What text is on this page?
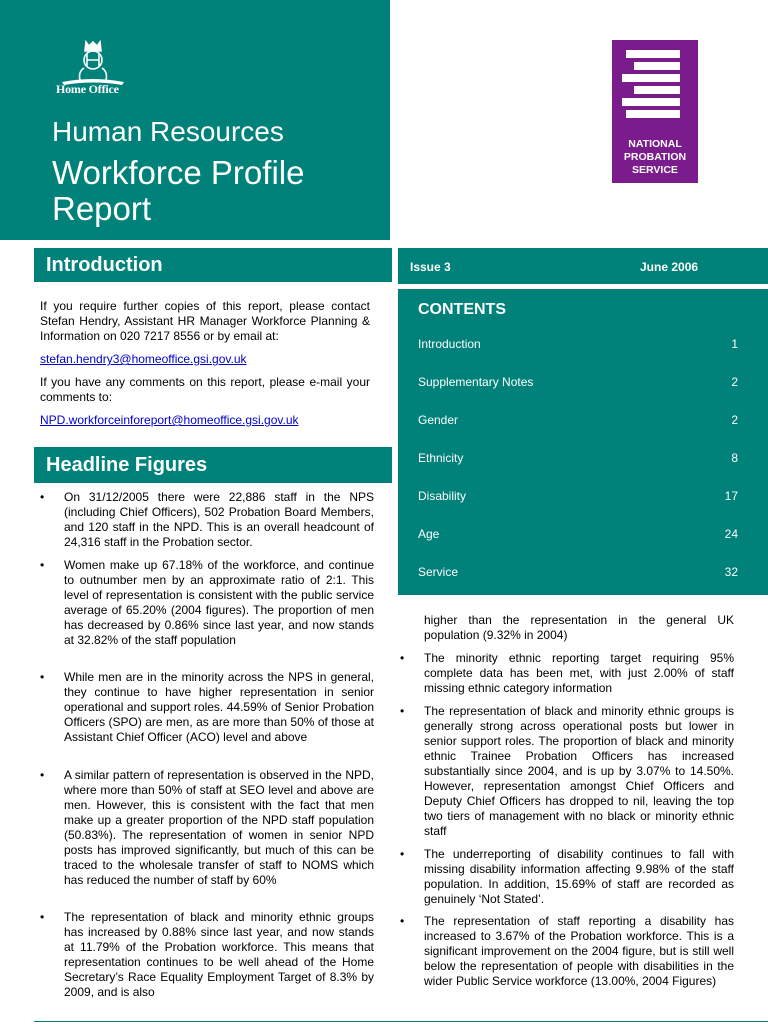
Home Office
Human Resources
Workforce Profile Report
NATIONAL PROBATION SERVICE
Introduction
If you require further copies of this report, please contact Stefan Hendry, Assistant HR Manager Workforce Planning & Information on 020 7217 8556 or by email at:
stefan.hendry3@homeoffice.gsi.gov.uk
If you have any comments on this report, please e-mail your comments to:
NPD.workforceinforeport@homeoffice.gsi.gov.uk
Headline Figures
• On 31/12/2005 there were 22,886 staff in the NPS (including Chief Officers), 502 Probation Board Members, and 120 staff in the NPD. This is an overall headcount of 24,316 staff in the Probation sector.
• Women make up 67.18% of the workforce, and continue to outnumber men by an approximate ratio of 2:1. This level of representation is consistent with the public service average of 65.20% (2004 figures). The proportion of men has decreased by 0.86% since last year, and now stands at 32.82% of the staff population
• While men are in the minority across the NPS in general, they continue to have higher representation in senior operational and support roles. 44.59% of Senior Probation Officers (SPO) are men, as are more than 50% of those at Assistant Chief Officer (ACO) level and above
• A similar pattern of representation is observed in the NPD, where more than 50% of staff at SEO level and above are men. However, this is consistent with the fact that men make up a greater proportion of the NPD staff population (50.83%). The representation of women in senior NPD posts has improved significantly, but much of this can be traced to the wholesale transfer of staff to NOMS which has reduced the number of staff by 60%
• The representation of black and minority ethnic groups has increased by 0.88% since last year, and now stands at 11.79% of the Probation workforce. This means that representation continues to be well ahead of the Home Secretary’s Race Equality Employment Target of 8.3% by 2009, and is also
Issue 3	June 2006
CONTENTS
Introduction	1
Supplementary Notes	2
Gender	2
Ethnicity	8
Disability	17
Age	24
Service	32
higher than the representation in the general UK population (9.32% in 2004)
• The minority ethnic reporting target requiring 95% complete data has been met, with just 2.00% of staff missing ethnic category information
• The representation of black and minority ethnic groups is generally strong across operational posts but lower in senior support roles. The proportion of black and minority ethnic Trainee Probation Officers has increased substantially since 2004, and is up by 3.07% to 14.50%. However, representation amongst Chief Officers and Deputy Chief Officers has dropped to nil, leaving the top two tiers of management with no black or minority ethnic staff
• The underreporting of disability continues to fall with missing disability information affecting 9.98% of the staff population. In addition, 15.69% of staff are recorded as genuinely ‘Not Stated’.
• The representation of staff reporting a disability has increased to 3.67% of the Probation workforce. This is a significant improvement on the 2004 figure, but is still well below the representation of people with disabilities in the wider Public Service workforce (13.00%, 2004 Figures)
